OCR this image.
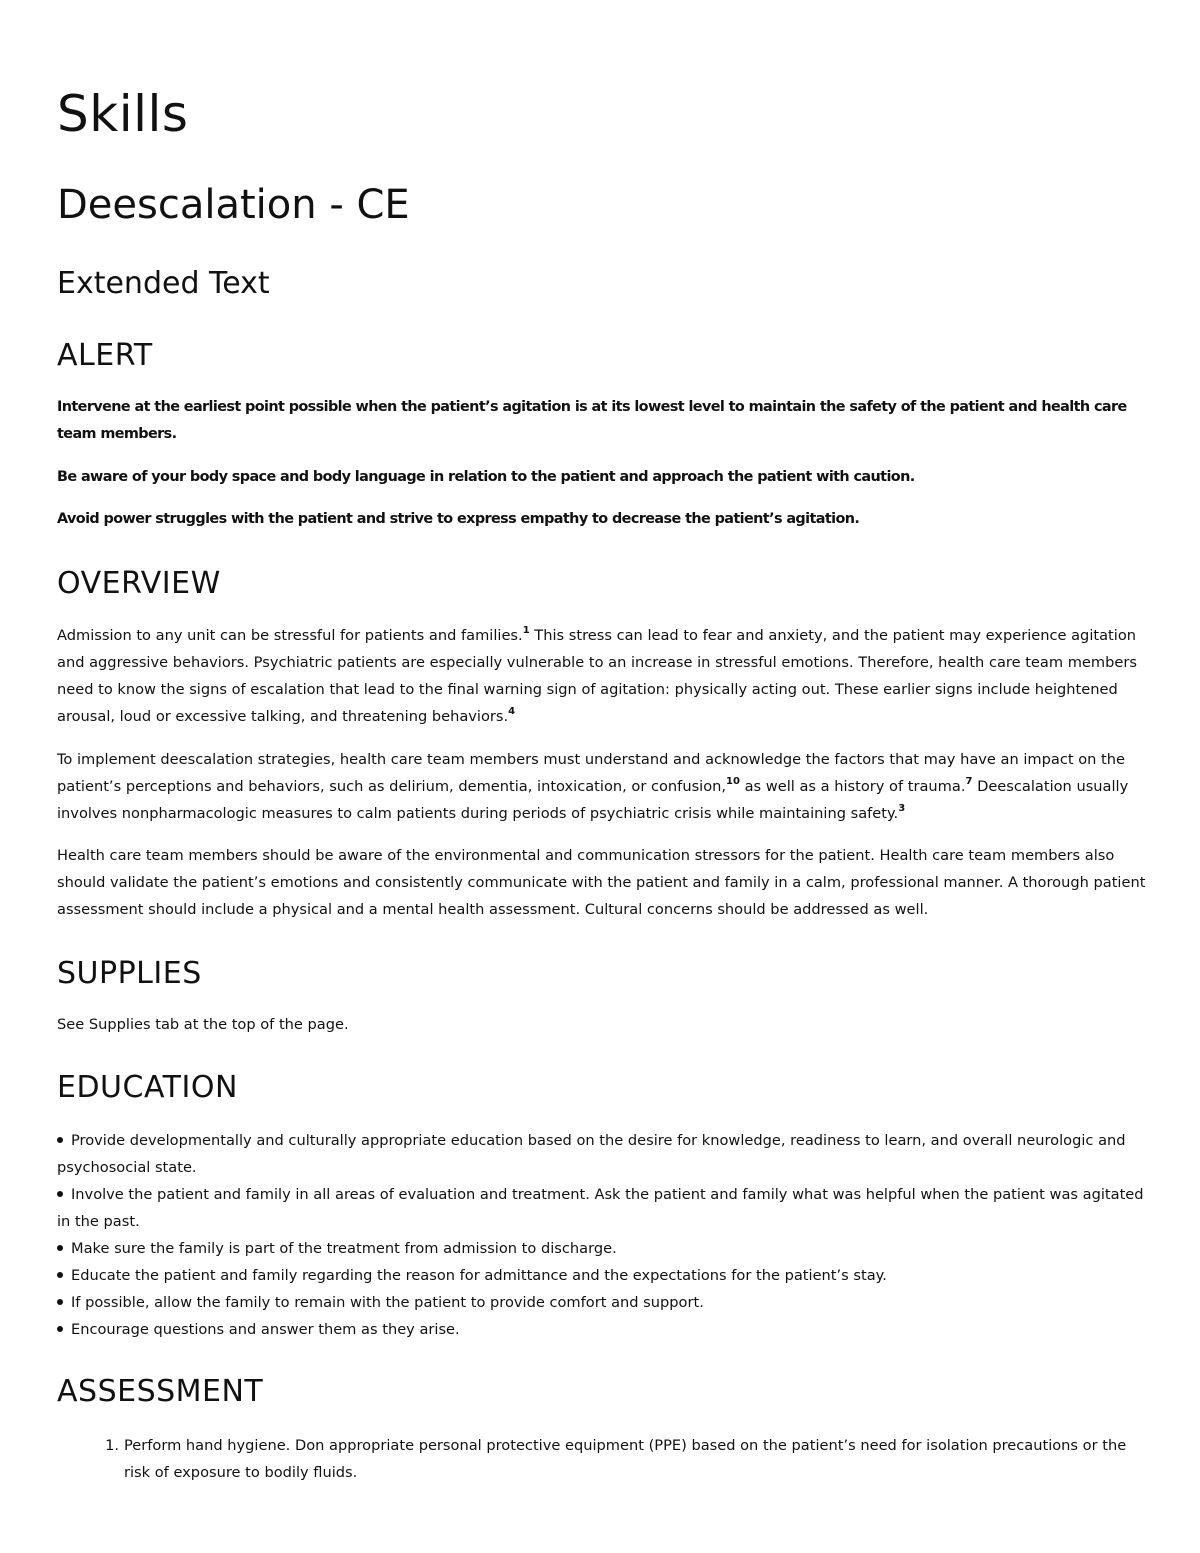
Skills
Deescalation - CE
Extended Text
ALERT

Intervene at the earliest point possible when the patient’s agitation is at its lowest level to maintain the safety of the patient and health care team members.

Be aware of your body space and body language in relation to the patient and approach the patient with caution.

Avoid power struggles with the patient and strive to express empathy to decrease the patient’s agitation.

OVERVIEW

Admission to any unit can be stressful for patients and families.$^1$ This stress can lead to fear and anxiety, and the patient may experience agitation and aggressive behaviors. Psychiatric patients are especially vulnerable to an increase in stressful emotions. Therefore, health care team members need to know the signs of escalation that lead to the final warning sign of agitation: physically acting out. These earlier signs include heightened arousal, loud or excessive talking, and threatening behaviors.$^4$

To implement deescalation strategies, health care team members must understand and acknowledge the factors that may have an impact on the patient’s perceptions and behaviors, such as delirium, dementia, intoxication, or confusion,$^{10}$ as well as a history of trauma.$^7$ Deescalation usually involves nonpharmacologic measures to calm patients during periods of psychiatric crisis while maintaining safety.$^3$

Health care team members should be aware of the environmental and communication stressors for the patient. Health care team members also should validate the patient’s emotions and consistently communicate with the patient and family in a calm, professional manner. A thorough patient assessment should include a physical and a mental health assessment. Cultural concerns should be addressed as well.

SUPPLIES

See Supplies tab at the top of the page.

EDUCATION
Provide developmentally and culturally appropriate education based on the desire for knowledge, readiness to learn, and overall neurologic and psychosocial state.
Involve the patient and family in all areas of evaluation and treatment. Ask the patient and family what was helpful when the patient was agitated in the past.
Make sure the family is part of the treatment from admission to discharge.
Educate the patient and family regarding the reason for admittance and the expectations for the patient’s stay.
If possible, allow the family to remain with the patient to provide comfort and support.
Encourage questions and answer them as they arise.
ASSESSMENT
1. Perform hand hygiene. Don appropriate personal protective equipment (PPE) based on the patient’s need for isolation precautions or the risk of exposure to bodily fluids.
